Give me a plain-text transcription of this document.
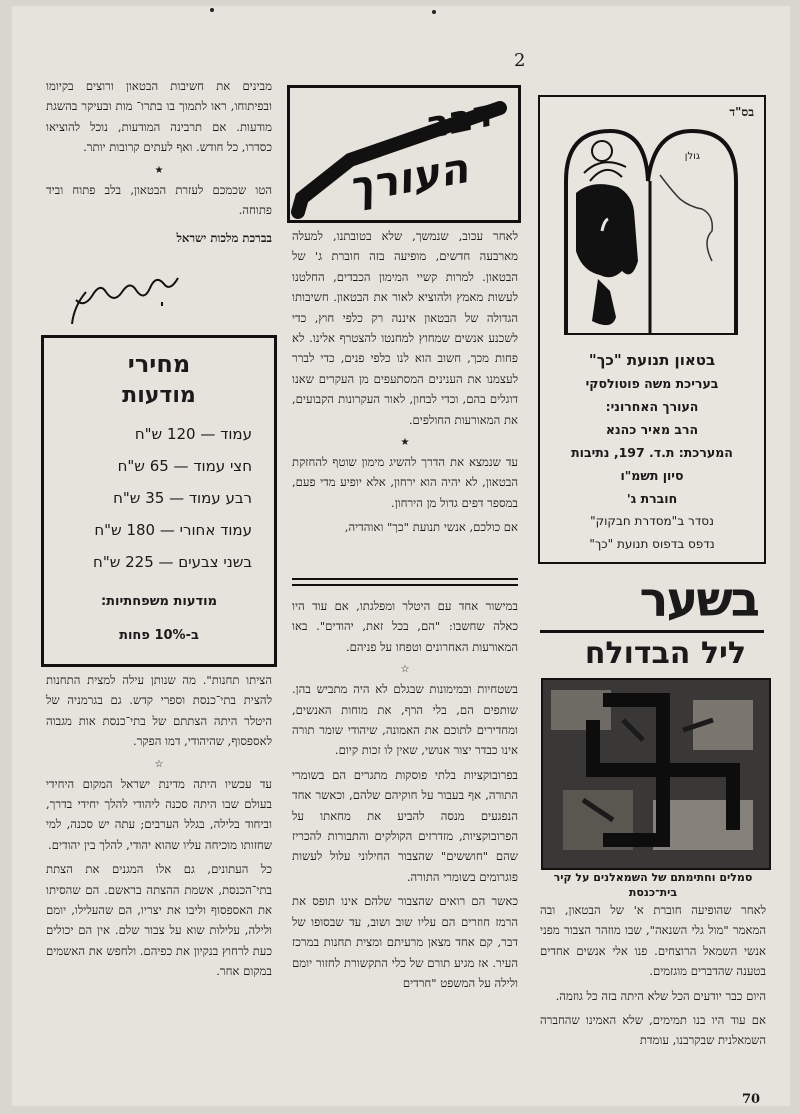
2
בס"ד
גולן
בטאון תנועת "כך"
בעריכת משה פוטולסקי
העורך האחרוני:
הרב מאיר כהנא
המערכת: ת.ד. 197, נתיבות
סיון תשמ"ו
חוברת ג'
נסדר ב"מסדרת חבקוק"
נדפס בדפוס תנועת "כך"
דבר
העורך

לאחר עכוב, שנמשך, שלא בטובתנו, למעלה מארבעה חדשים, מופיעה בזה חוברת ג' של הבטאון. למרות קשיי המימון הכבדים, החלטנו לעשות מאמץ ולהוציא לאור את הבטאון. חשיבותו הגדולה של הבטאון איננה רק כלפי חוץ, כדי לשכנע אנשים שמחוץ למחנטו להצטרף אלינו. לא פחות מכך, חשוב הוא לנו כלפי פנים, כדי לברר לעצמנו את הענינים המסתעפים מן העקרים שאנו דוגלים בהם, וכדי לבחון, לאור העקרונות הקבועים, את המאורעות החולפים.

★

עד שנמצא את הדרך להשיג מימון שוטף להחזקת הבטאון, לא יהיה הוא ירחון, אלא יופיע מדי פעם, במספר דפים גדול מן הירחון.

אם כולכם, אנשי תנועת "כך" ואוהדיה,

מבינים את חשיבות הבטאון ורוצים בקיומו ובפיתוחו, ראו לתמוך בו בתרו־ מות ובעיקר בהשגת מודעות. אם תרבינה המודעות, נוכל להוציאו כסדרו, כל חודש. ואף לעתים קרובות יותר.

★

הטו שכמכם לעזרת הבטאון, בלב פתוח וביד פתוחה.

בברכת מלכות ישראל

מחירי
מודעות
עמוד — 120 ש"ח
חצי עמוד — 65 ש"ח
רבע עמוד — 35 ש"ח
עמוד אחורי — 180 ש"ח
בשני צבעים — 225 ש"ח
מודעות משפחתיות:
ב-10% פחות
בשער
ליל הבדולח
סמלים וחתימתם של השמאלנים על קיר בית־כנסת

לאחר שהופיעה חוברת א' של הבטאון, ובה המאמר "מול גלי השנאה", שבו מוזהר הצבור מפני אנשי השמאל הרוצחים. פנו אלי אנשים אחדים בטענה שהדברים מוגזמים.

היום כבר יודעים הכל שלא היתה בזה כל גוזמה.

אם עוד היו בנו תמימים, שלא האמינו שהחברה השמאלנית שבקרבנו, עומדת

במישור אחד עם היטלר ומפלגתו, אם עוד היו כאלה שחשבו: "הם, בכל זאת, יהודים". באו המאורעות האחרונים וטפחו על פניהם.

☆

בשטחיות ובמימונות שבגלם לא היה מתביש בהן. שותפים הם, בלי הרף, את מוחות האנשים, ומחדירים לתוכם את האמונה, שיהודי שומר תורה אינו כבדר יצור אנושי, שאין לו זכות קיום.

בפרובוקציות בלתי פוסקות מתגרים הם בשומרי התורה, אף בעבור על חוקיהם שלהם, וכאשר אחד הנפגעים מנסה להביע את מחאתו על הפרובוקציות, מזדרזים הקולקים והתבורות להכריז שהם "חוששים" שהצבור החילוני עלול לעשות פוגרומים בשומרי התורה.

כאשר הם רואים שהצבור שלהם אינו תופס את הרמז חוזרים הם עליו שוב ושוב, עד שבסופו של דבר, קם אחד מצאן מרעיתם ומצית תחנות במרכז העיר. אז מגיע תורם של כלי התקשורת לחזור יומם ולילה על המשפט "חרדים

הציתו תחנות". מה שנותן עילה למצית התחנות להצית בתי־כנסת וספרי קדש. גם בגרמניה של היטלר היתה הצתתם של בתי־כנסת אות מגבוה לאספסוף, שהיהודי, דמו הפקר.

☆

עד עכשיו היתה מדינת ישראל המקום היחידי בעולם שבו היתה סכנה ליהודי להלך יחידי בדרך, וביחוד בלילה, בגלל הערבים; עתה יש סכנה, למי שחזותו מוכיחה עליו שהוא יהודי, להלך בין יהודים.

כל העתונים, גם אלו המגנים את הצתת בתי־הכנסת, אשמת ההצתה בראשם. הם שהסיתו את האספסוף וליבו את יצריו, הם שהעלילו, יומם ולילה, עלילות שוא על צבור שלם. אין הם יכולים כעת לרחוץ בנקיון את כפיהם. ולחפש את האשמים במקום אחר.

70
